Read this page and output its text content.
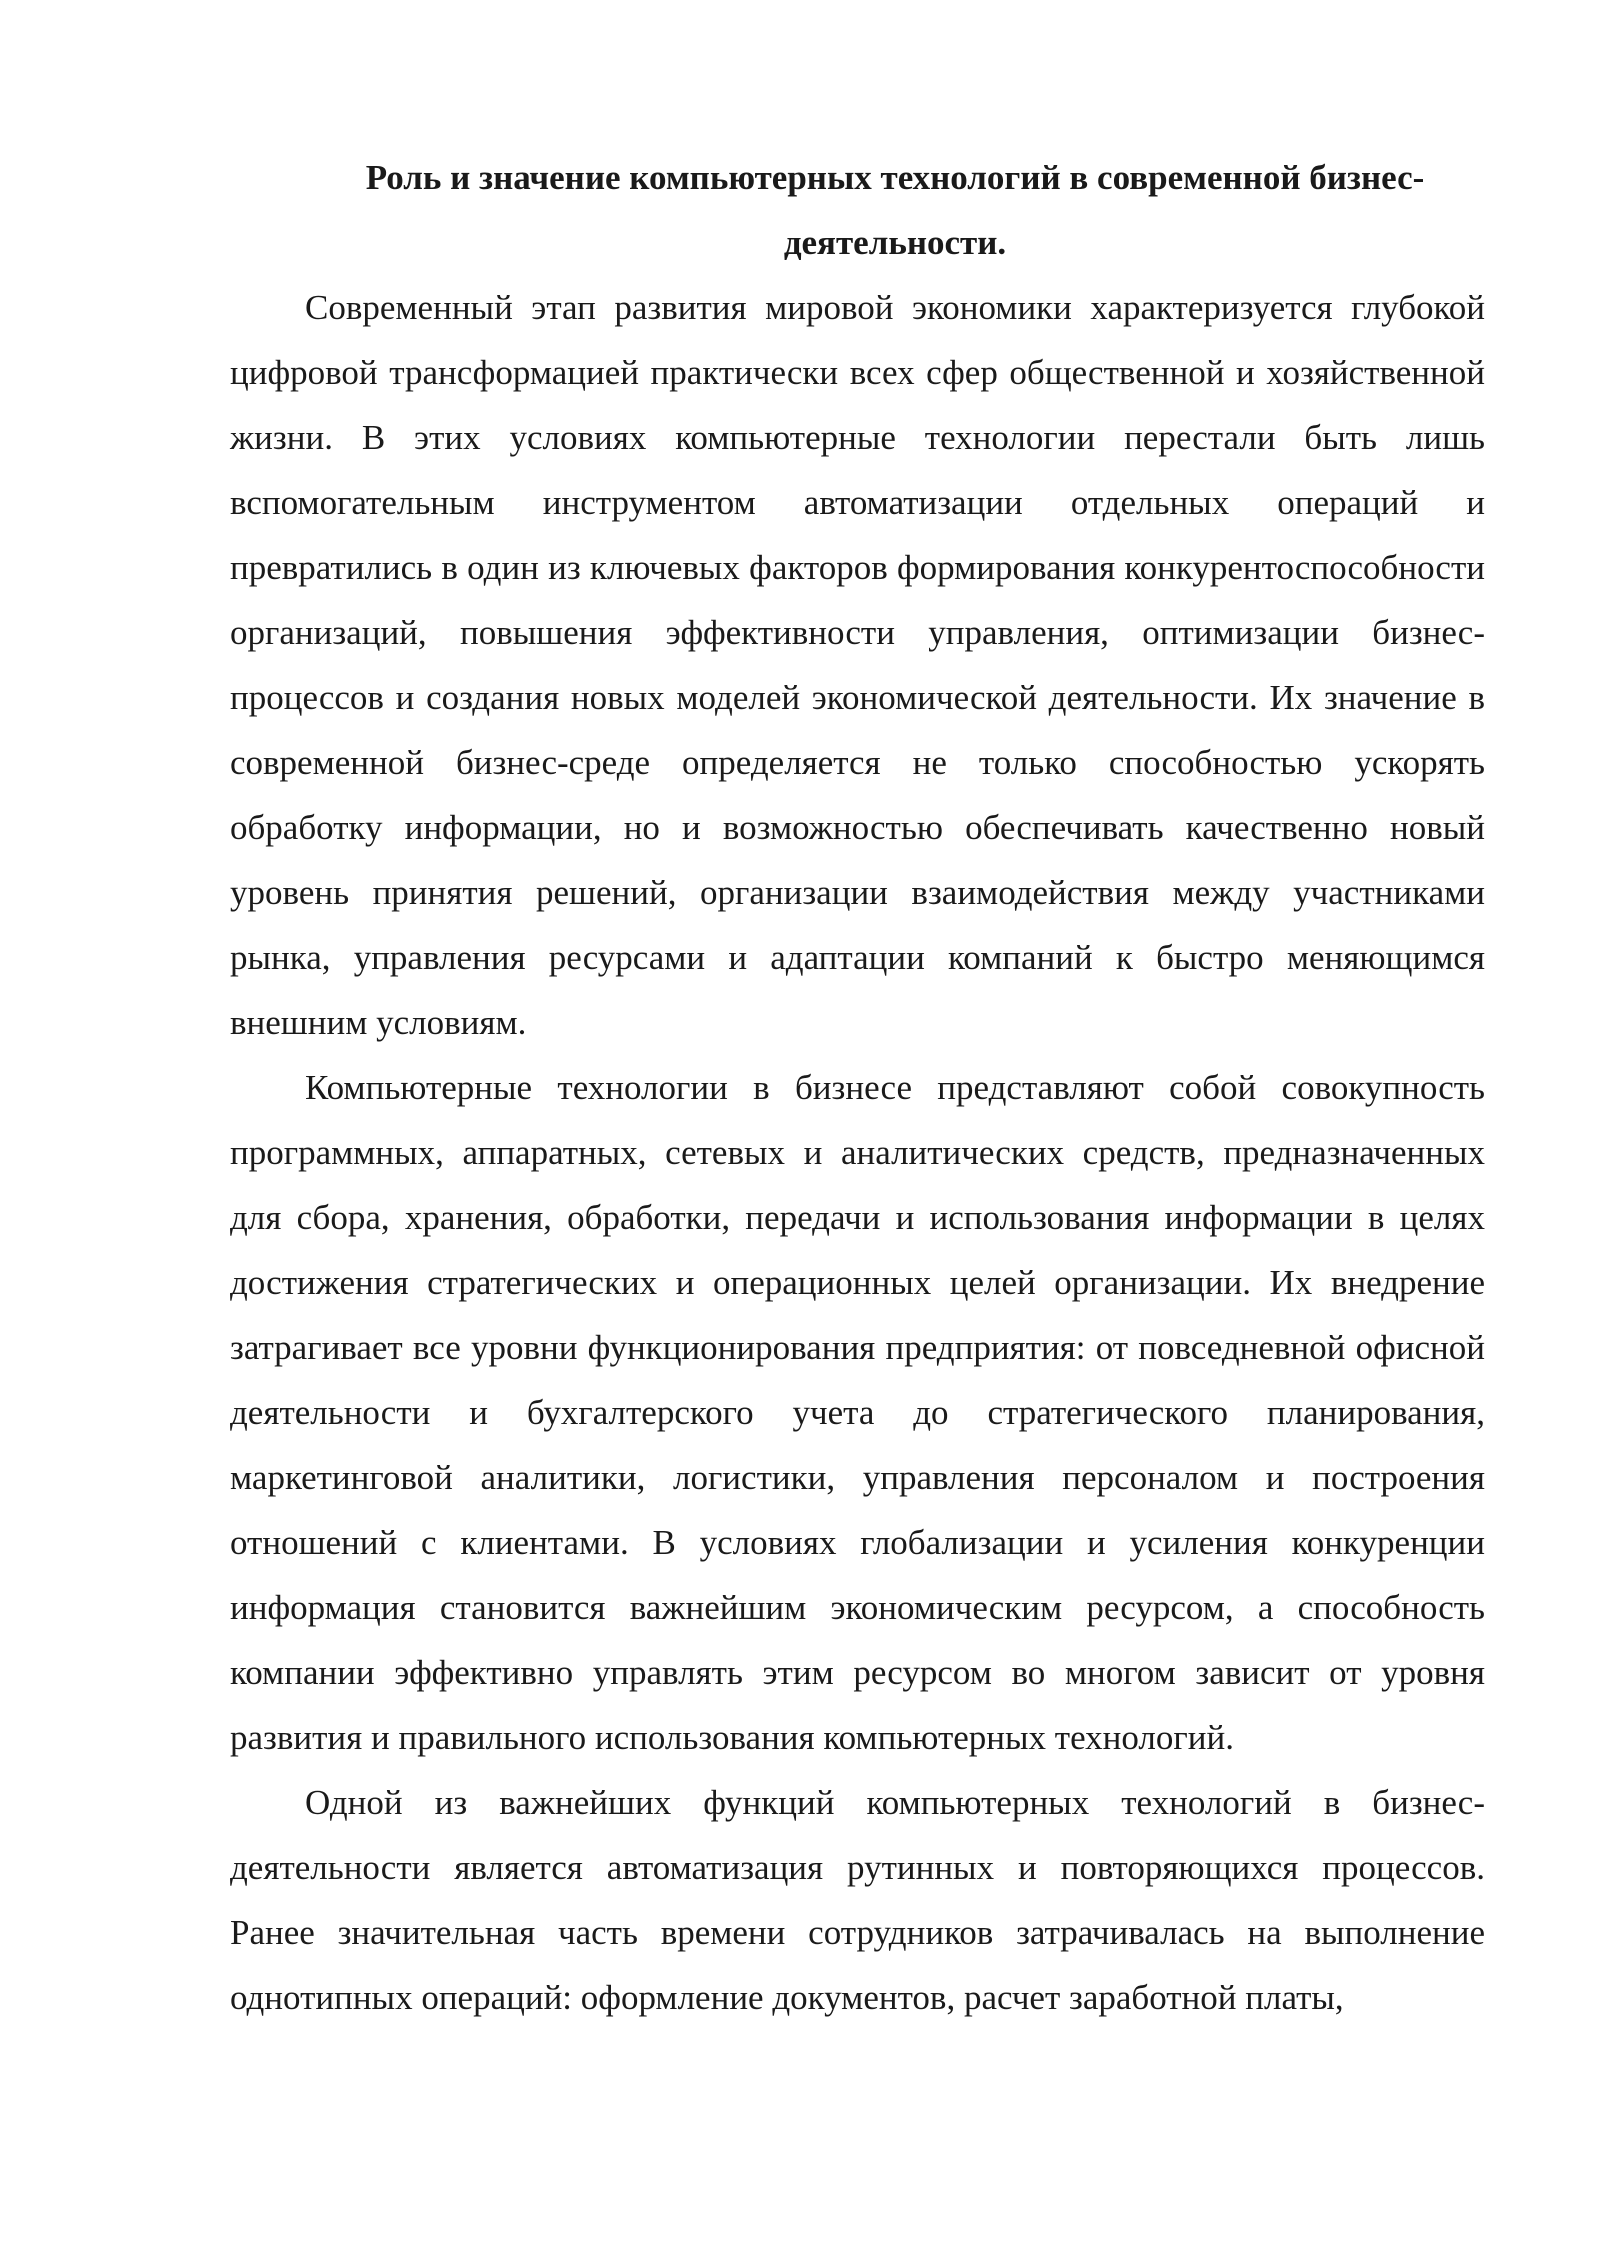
Роль и значение компьютерных технологий в современной бизнес-деятельности.

Современный этап развития мировой экономики характеризуется глубокой цифровой трансформацией практически всех сфер общественной и хозяйственной жизни. В этих условиях компьютерные технологии перестали быть лишь вспомогательным инструментом автоматизации отдельных операций и превратились в один из ключевых факторов формирования конкурентоспособности организаций, повышения эффективности управления, оптимизации бизнес-процессов и создания новых моделей экономической деятельности. Их значение в современной бизнес-среде определяется не только способностью ускорять обработку информации, но и возможностью обеспечивать качественно новый уровень принятия решений, организации взаимодействия между участниками рынка, управления ресурсами и адаптации компаний к быстро меняющимся внешним условиям.

Компьютерные технологии в бизнесе представляют собой совокупность программных, аппаратных, сетевых и аналитических средств, предназначенных для сбора, хранения, обработки, передачи и использования информации в целях достижения стратегических и операционных целей организации. Их внедрение затрагивает все уровни функционирования предприятия: от повседневной офисной деятельности и бухгалтерского учета до стратегического планирования, маркетинговой аналитики, логистики, управления персоналом и построения отношений с клиентами. В условиях глобализации и усиления конкуренции информация становится важнейшим экономическим ресурсом, а способность компании эффективно управлять этим ресурсом во многом зависит от уровня развития и правильного использования компьютерных технологий.

Одной из важнейших функций компьютерных технологий в бизнес-деятельности является автоматизация рутинных и повторяющихся процессов. Ранее значительная часть времени сотрудников затрачивалась на выполнение однотипных операций: оформление документов, расчет заработной платы,
